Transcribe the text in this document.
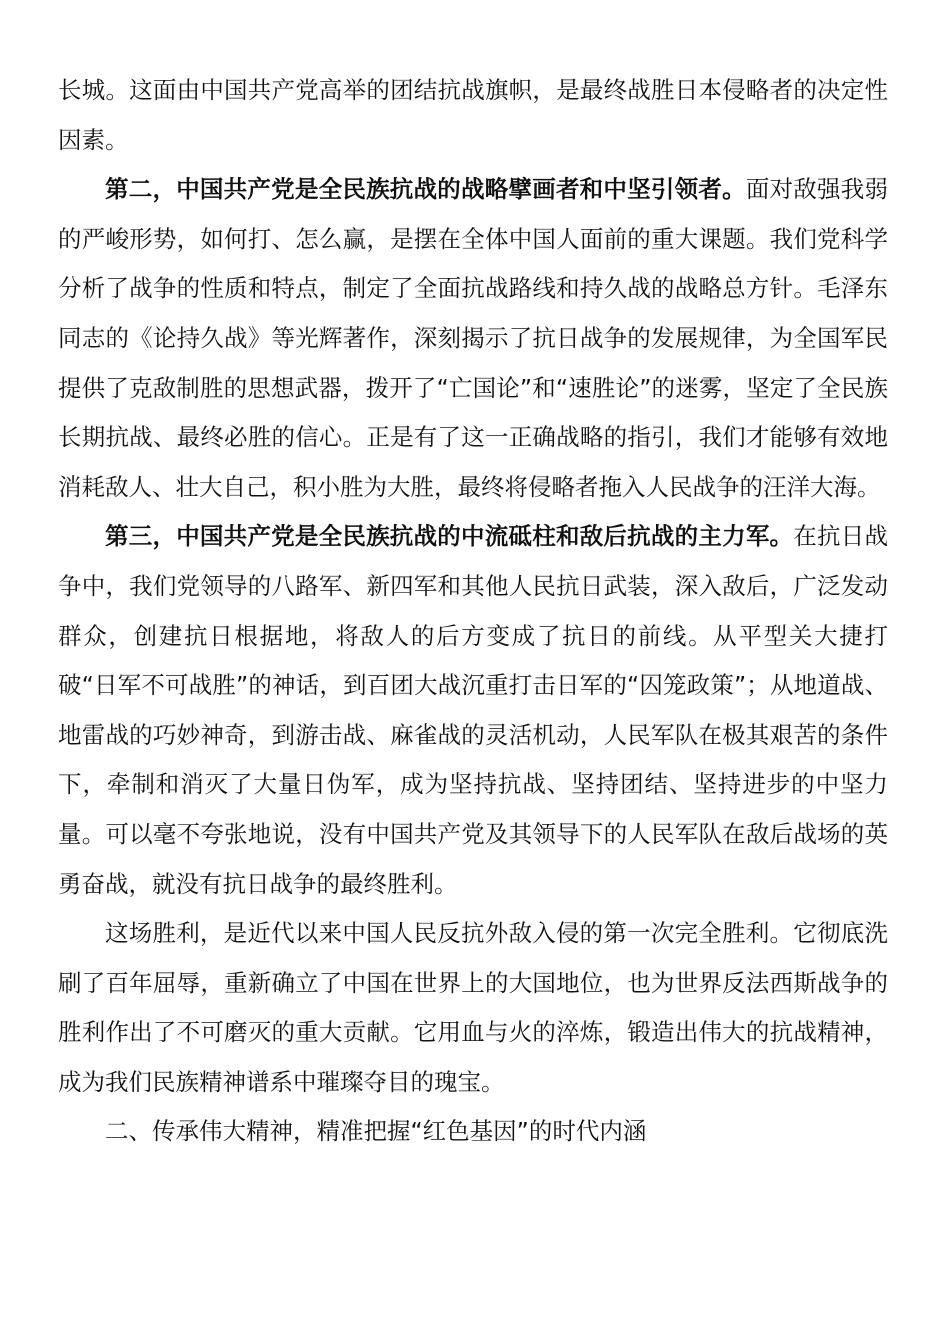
长城。这面由中国共产党高举的团结抗战旗帜，是最终战胜日本侵略者的决定性因素。

第二，中国共产党是全民族抗战的战略擘画者和中坚引领者。面对敌强我弱的严峻形势，如何打、怎么赢，是摆在全体中国人面前的重大课题。我们党科学分析了战争的性质和特点，制定了全面抗战路线和持久战的战略总方针。毛泽东同志的《论持久战》等光辉著作，深刻揭示了抗日战争的发展规律，为全国军民提供了克敌制胜的思想武器，拨开了“亡国论”和“速胜论”的迷雾，坚定了全民族长期抗战、最终必胜的信心。正是有了这一正确战略的指引，我们才能够有效地消耗敌人、壮大自己，积小胜为大胜，最终将侵略者拖入人民战争的汪洋大海。

第三，中国共产党是全民族抗战的中流砥柱和敌后抗战的主力军。在抗日战争中，我们党领导的八路军、新四军和其他人民抗日武装，深入敌后，广泛发动群众，创建抗日根据地，将敌人的后方变成了抗日的前线。从平型关大捷打破“日军不可战胜”的神话，到百团大战沉重打击日军的“囚笼政策”；从地道战、地雷战的巧妙神奇，到游击战、麻雀战的灵活机动，人民军队在极其艰苦的条件下，牵制和消灭了大量日伪军，成为坚持抗战、坚持团结、坚持进步的中坚力量。可以毫不夸张地说，没有中国共产党及其领导下的人民军队在敌后战场的英勇奋战，就没有抗日战争的最终胜利。

这场胜利，是近代以来中国人民反抗外敌入侵的第一次完全胜利。它彻底洗刷了百年屈辱，重新确立了中国在世界上的大国地位，也为世界反法西斯战争的胜利作出了不可磨灭的重大贡献。它用血与火的淬炼，锻造出伟大的抗战精神，成为我们民族精神谱系中璀璨夺目的瑰宝。

二、传承伟大精神，精准把握“红色基因”的时代内涵
